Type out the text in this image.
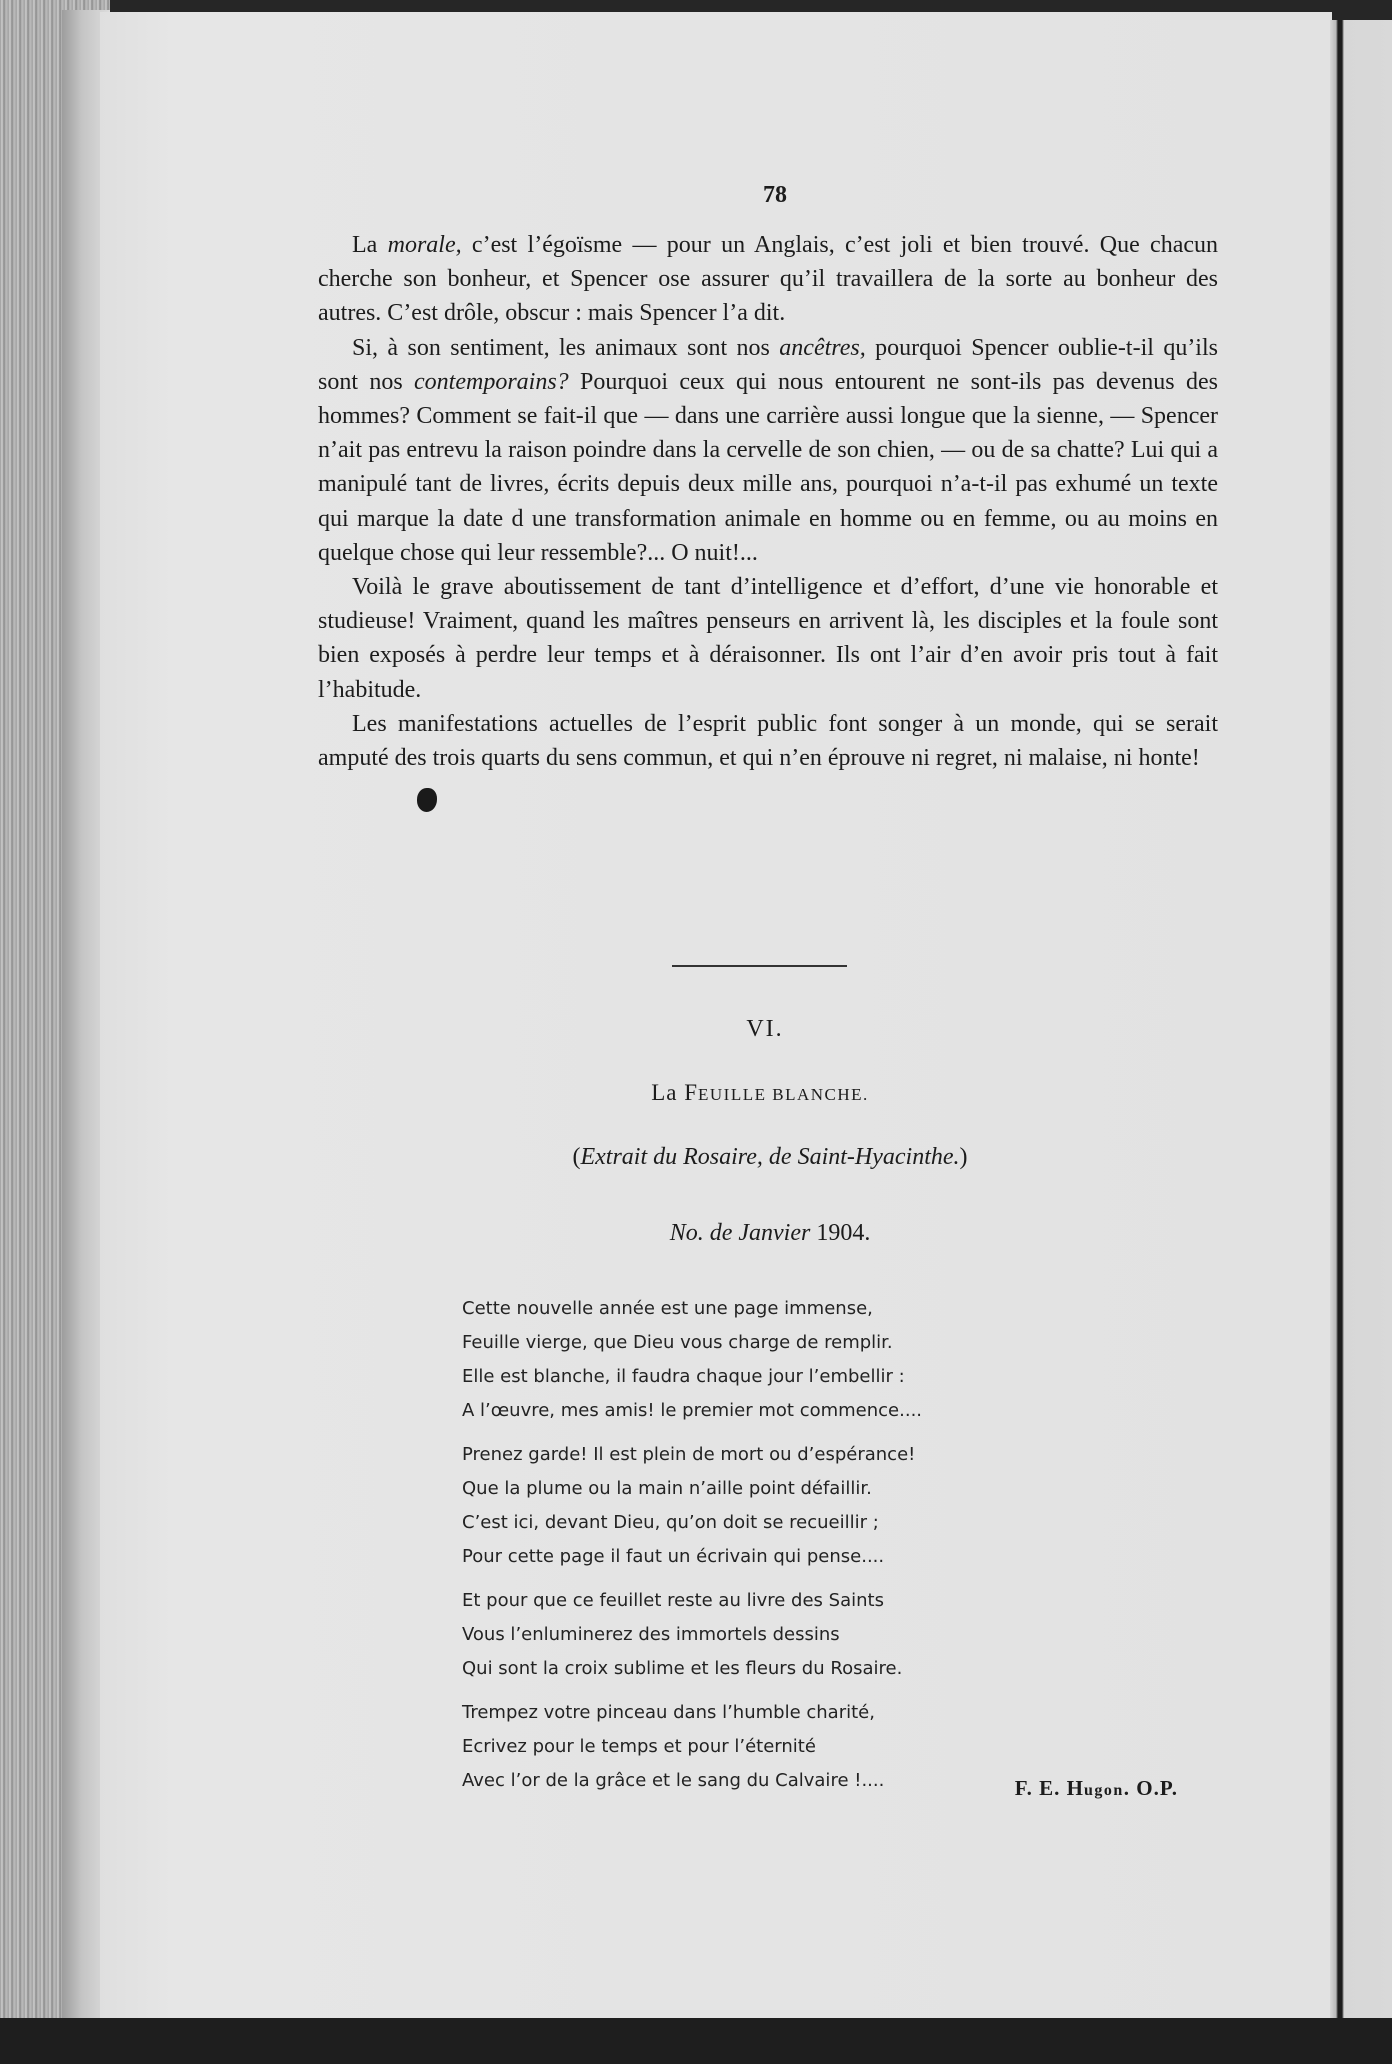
78

La morale, c’est l’égoïsme — pour un Anglais, c’est joli et bien trouvé. Que chacun cherche son bonheur, et Spencer ose assurer qu’il travaillera de la sorte au bonheur des autres. C’est drôle, obscur : mais Spencer l’a dit.

Si, à son sentiment, les animaux sont nos ancêtres, pourquoi Spencer oublie-t-il qu’ils sont nos contemporains? Pourquoi ceux qui nous entourent ne sont-ils pas devenus des hommes? Comment se fait-il que — dans une carrière aussi longue que la sienne, — Spencer n’ait pas entrevu la raison poindre dans la cervelle de son chien, — ou de sa chatte? Lui qui a manipulé tant de livres, écrits depuis deux mille ans, pourquoi n’a-t-il pas exhumé un texte qui marque la date d une transformation animale en homme ou en femme, ou au moins en quelque chose qui leur ressemble?... O nuit!...

Voilà le grave aboutissement de tant d’intelligence et d’effort, d’une vie honorable et studieuse! Vraiment, quand les maîtres penseurs en arrivent là, les disciples et la foule sont bien exposés à perdre leur temps et à déraisonner. Ils ont l’air d’en avoir pris tout à fait l’habitude.

Les manifestations actuelles de l’esprit public font songer à un monde, qui se serait amputé des trois quarts du sens commun, et qui n’en éprouve ni regret, ni malaise, ni honte!

VI.
La FEUILLE BLANCHE.
(Extrait du Rosaire, de Saint-Hyacinthe.)
No. de Janvier 1904.
Cette nouvelle année est une page immense,
Feuille vierge, que Dieu vous charge de remplir.
Elle est blanche, il faudra chaque jour l’embellir :
A l’œuvre, mes amis! le premier mot commence....
Prenez garde! Il est plein de mort ou d’espérance!
Que la plume ou la main n’aille point défaillir.
C’est ici, devant Dieu, qu’on doit se recueillir ;
Pour cette page il faut un écrivain qui pense....
Et pour que ce feuillet reste au livre des Saints
Vous l’enluminerez des immortels dessins
Qui sont la croix sublime et les fleurs du Rosaire.
Trempez votre pinceau dans l’humble charité,
Ecrivez pour le temps et pour l’éternité
Avec l’or de la grâce et le sang du Calvaire !....	F. E. Hugon. O.P.
